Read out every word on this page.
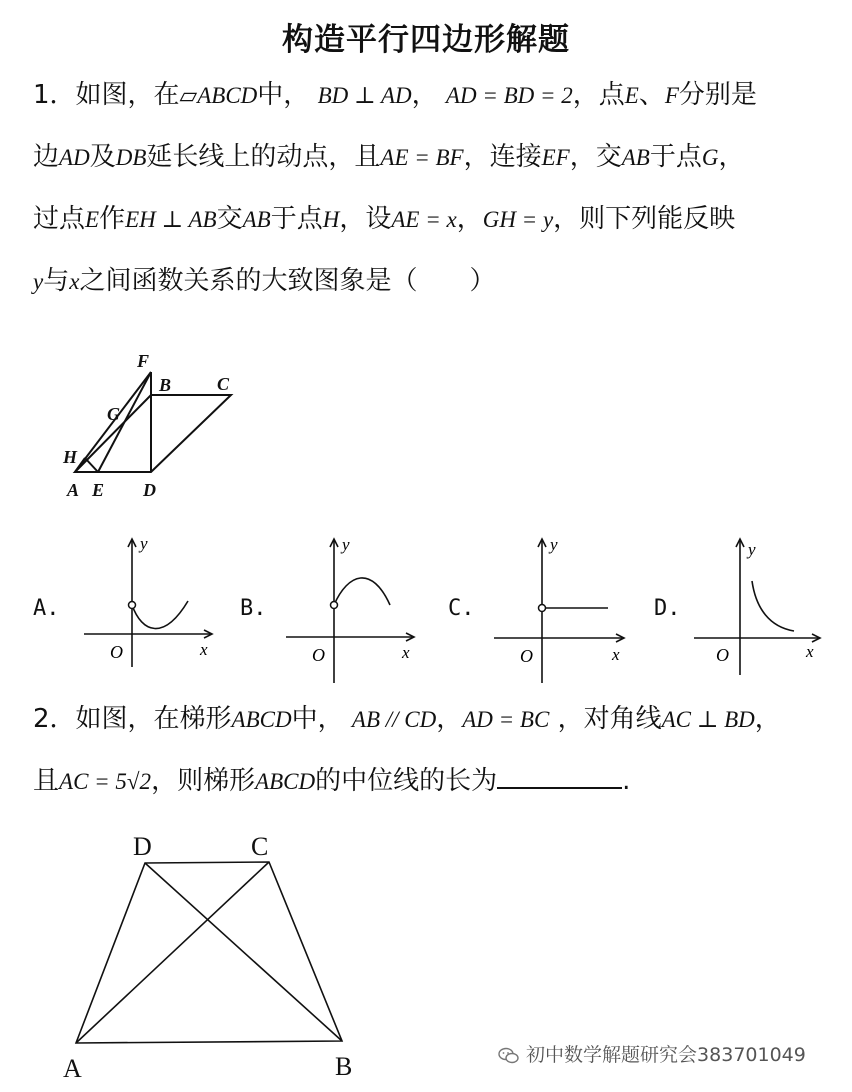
构造平行四边形解题
1．如图，在▱ABCD中， BD ⊥ AD， AD = BD = 2，点E、F分别是
边AD及DB延长线上的动点，且AE = BF，连接EF，交AB于点G，
过点E作EH ⊥ AB交AB于点H，设AE = x，GH = y，则下列能反映
y与x之间函数关系的大致图象是（　　）
F
B	C
G
H
A E D
A.	B.	C.	D.
y
O	x
y
O	x
y
O	x
y
O	x
2．如图，在梯形ABCD中， AB // CD，AD = BC ，对角线AC ⊥ BD，
且AC = 5√2，则梯形ABCD的中位线的长为	.
D	C
A	B	初中数学解题研究会383701049
